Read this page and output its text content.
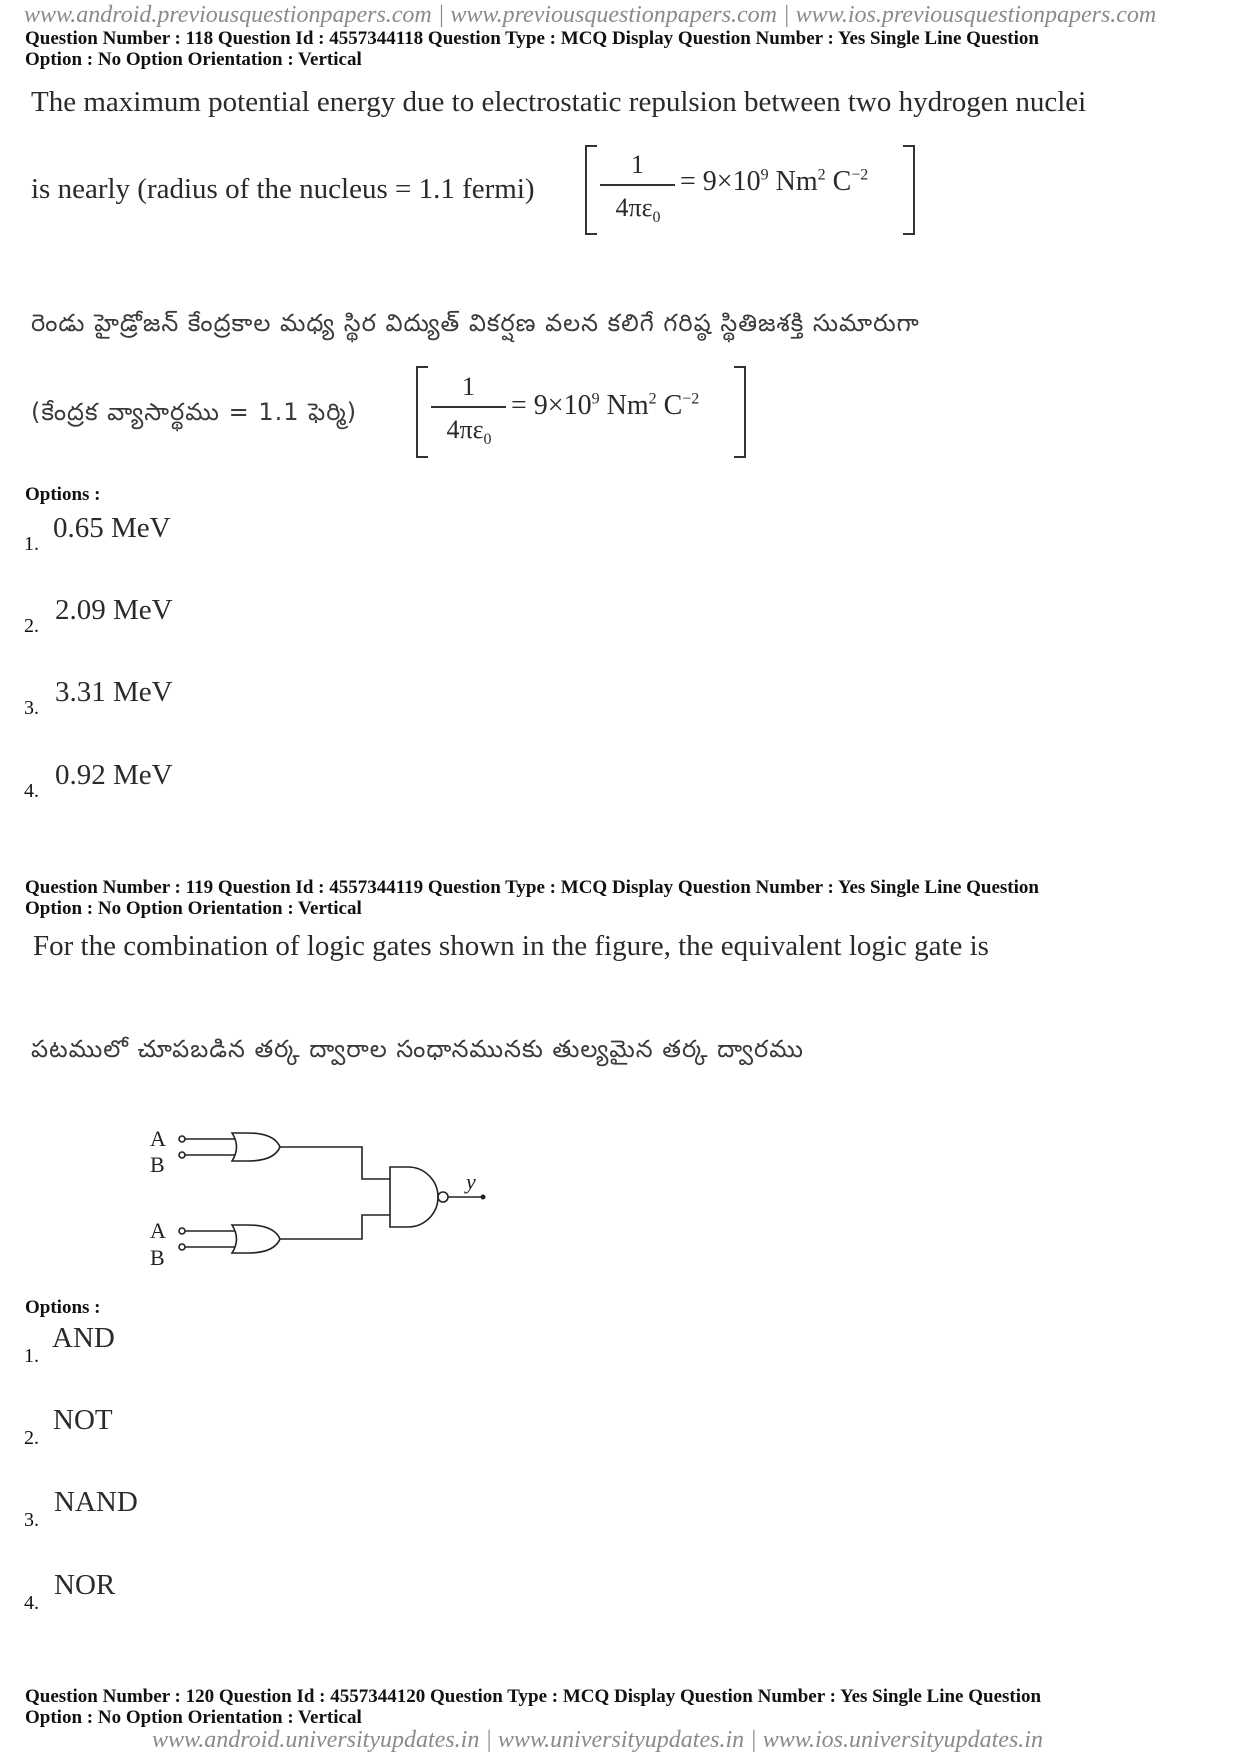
www.android.previousquestionpapers.com | www.previousquestionpapers.com | www.ios.previousquestionpapers.com
Question Number : 118 Question Id : 4557344118 Question Type : MCQ Display Question Number : Yes Single Line Question
Option : No Option Orientation : Vertical
The maximum potential energy due to electrostatic repulsion between two hydrogen nuclei
is nearly (radius of the nucleus = 1.1 fermi)
1
$4\pi\varepsilon_0$
= $9\times 10^9$ Nm$^2$ $C^{-2}$
రెండు హైడ్రోజన్ కేంద్రకాల మధ్య స్థిర విద్యుత్ వికర్షణ వలన కలిగే గరిష్ఠ స్థితిజశక్తి సుమారుగా
(కేంద్రక వ్యాసార్థము = 1.1 ఫెర్మి)
1
$4\pi\varepsilon_0$
= $9\times 10^9$ Nm$^2$ $C^{-2}$
Options :
1. 0.65 MeV
2. 2.09 MeV
3. 3.31 MeV
4. 0.92 MeV
Question Number : 119 Question Id : 4557344119 Question Type : MCQ Display Question Number : Yes Single Line Question
Option : No Option Orientation : Vertical
For the combination of logic gates shown in the figure, the equivalent logic gate is
పటములో చూపబడిన తర్క ద్వారాల సంధానమునకు తుల్యమైన తర్క ద్వారము
A
B
A
B
y
Options :
1.
AND
2.
NOT
3.
NAND
4.
NOR
Question Number : 120 Question Id : 4557344120 Question Type : MCQ Display Question Number : Yes Single Line Question
Option : No Option Orientation : Vertical
www.android.universityupdates.in | www.universityupdates.in | www.ios.universityupdates.in
